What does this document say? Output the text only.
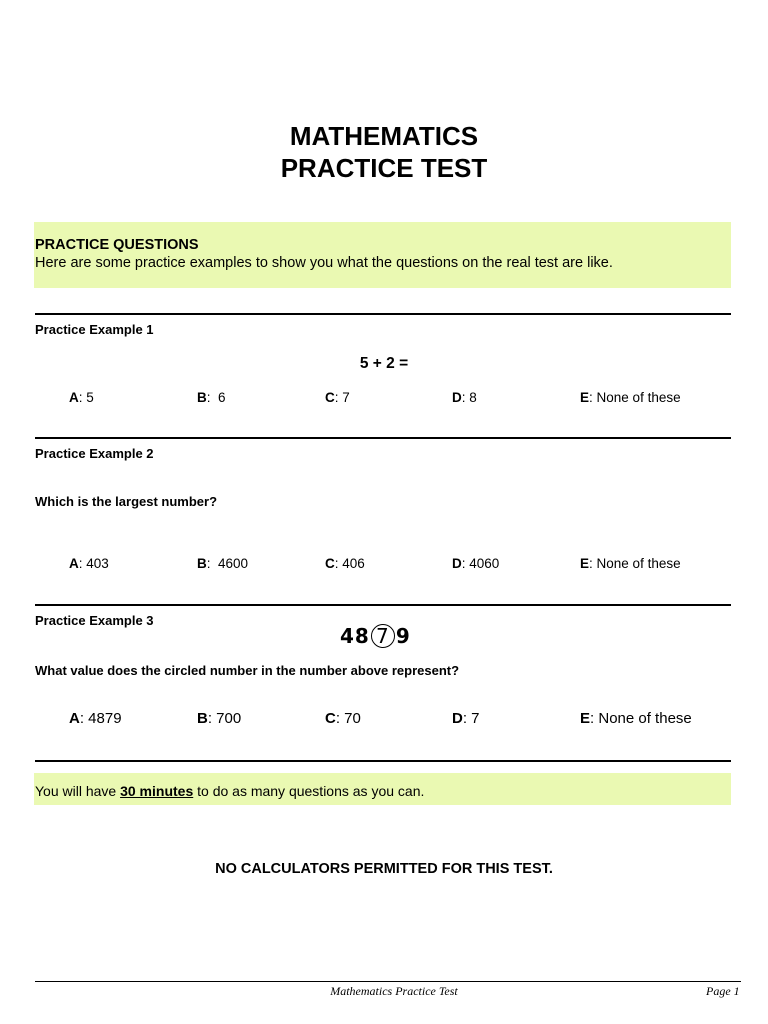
MATHEMATICS
PRACTICE TEST
PRACTICE QUESTIONS
Here are some practice examples to show you what the questions on the real test are like.
Practice Example 1
5 + 2 =
A: 5	B:  6	C: 7	D: 8	E: None of these
Practice Example 2
Which is the largest number?
A: 403	B:  4600	C: 406	D: 4060	E: None of these
Practice Example 3
48 7 9
What value does the circled number in the number above represent?
A: 4879	B: 700	C: 70	D: 7	E: None of these
You will have 30 minutes to do as many questions as you can.
NO CALCULATORS PERMITTED FOR THIS TEST.
Mathematics Practice Test	Page 1
